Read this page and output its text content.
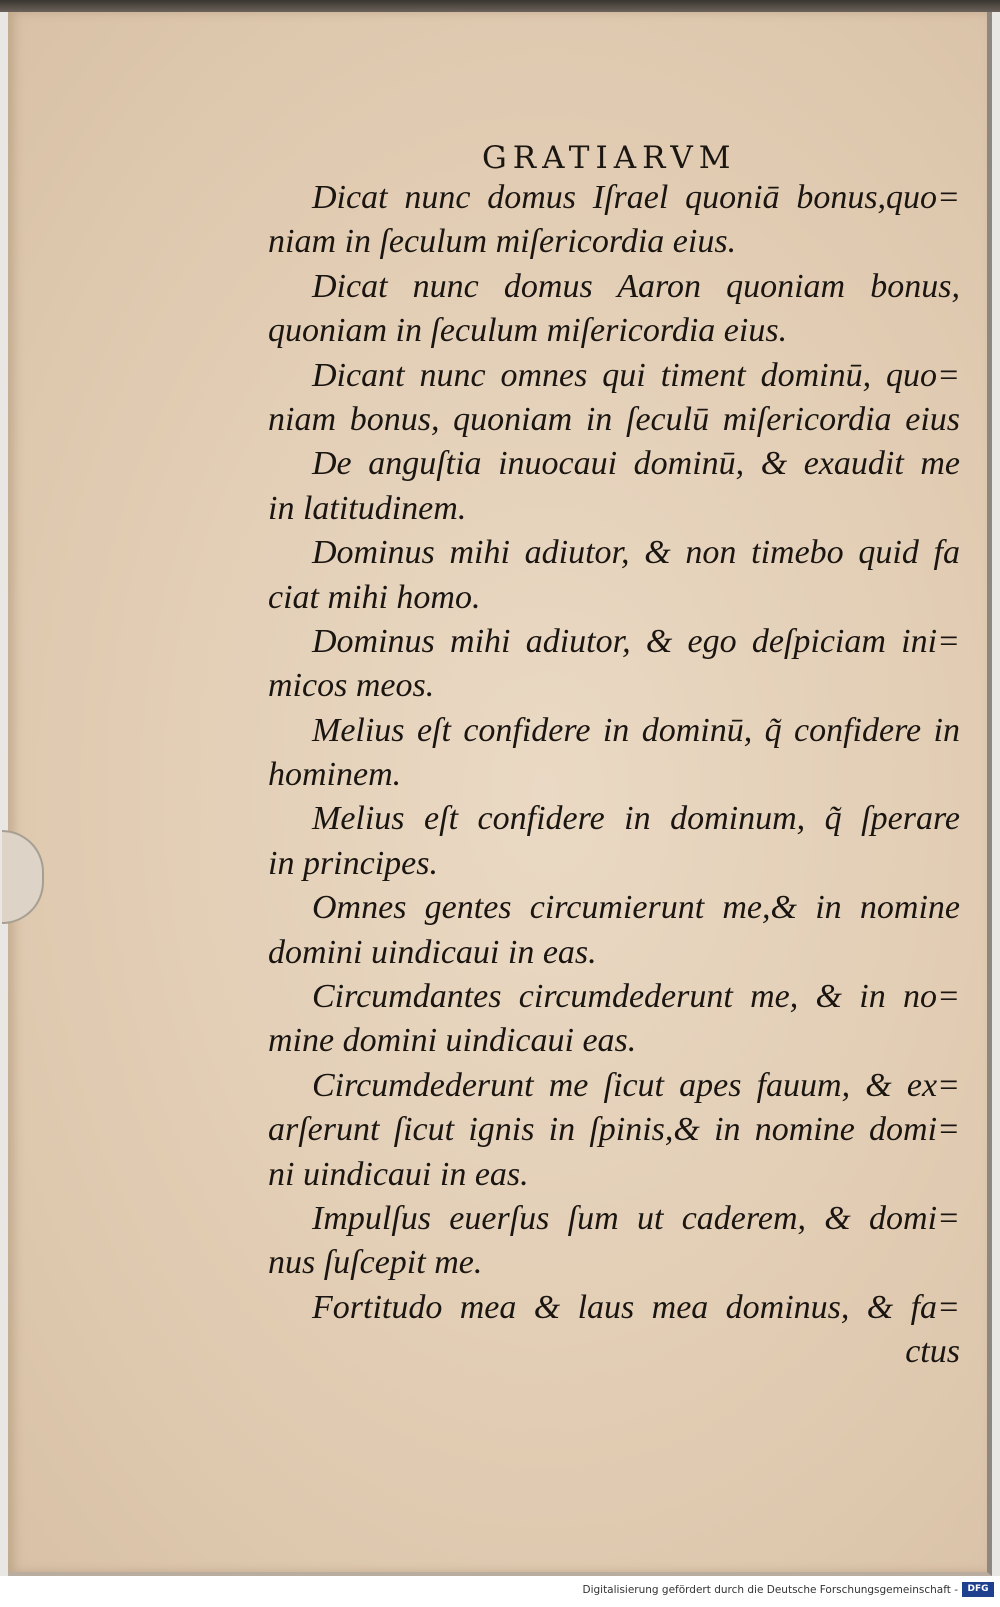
GRATIARVM
Dicat nunc domus Iſrael quoniā bonus,quo=
niam in ſeculum miſericordia eius.
Dicat nunc domus Aaron quoniam bonus,
quoniam in ſeculum miſericordia eius.
Dicant nunc omnes qui timent dominū, quo=
niam bonus, quoniam in ſeculū miſericordia eius
De anguſtia inuocaui dominū, & exaudit me
in latitudinem.
Dominus mihi adiutor, & non timebo quid fa
ciat mihi homo.
Dominus mihi adiutor, & ego deſpiciam ini=
micos meos.
Melius eſt confidere in dominū, q̃ confidere in
hominem.
Melius eſt confidere in dominum, q̃ ſperare
in principes.
Omnes gentes circumierunt me,& in nomine
domini uindicaui in eas.
Circumdantes circumdederunt me, & in no=
mine domini uindicaui eas.
Circumdederunt me ſicut apes fauum, & ex=
arſerunt ſicut ignis in ſpinis,& in nomine domi=
ni uindicaui in eas.
Impulſus euerſus ſum ut caderem, & domi=
nus ſuſcepit me.
Fortitudo mea & laus mea dominus, & fa=
ctus
Digitalisierung gefördert durch die Deutsche Forschungsgemeinschaft -	DFG
